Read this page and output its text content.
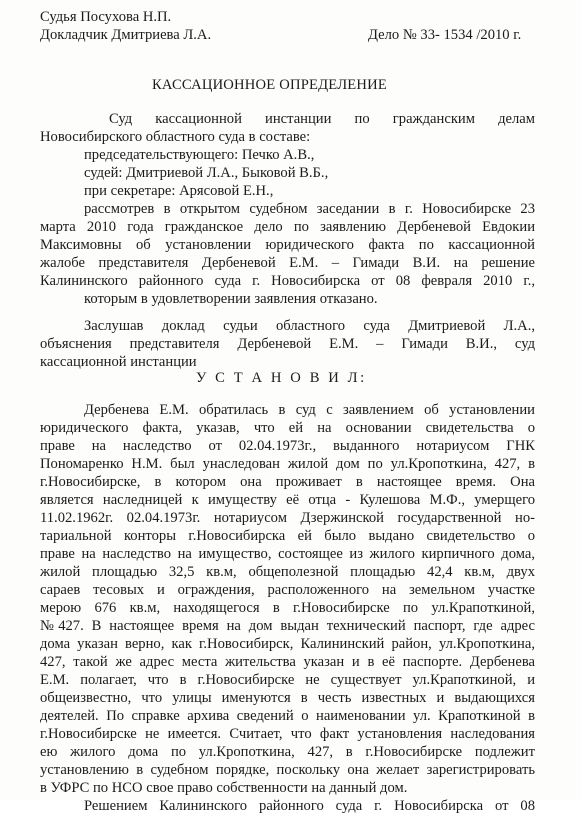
Судья Посухова Н.П.
Докладчик Дмитриева Л.А.	Дело № 33- 1534 /2010 г.
КАССАЦИОННОЕ ОПРЕДЕЛЕНИЕ
Суд кассационной инстанции по гражданским делам
Новосибирского областного суда в составе:
председательствующего: Печко А.В.,
судей: Дмитриевой Л.А., Быковой В.Б.,
при секретаре: Арясовой Е.Н.,
рассмотрев в открытом судебном заседании в г. Новосибирске 23
марта 2010 года гражданское дело по заявлению Дербеневой Евдокии
Максимовны об установлении юридического факта по кассационной
жалобе представителя Дербеневой Е.М. – Гимади В.И. на решение
Калининского районного суда г. Новосибирска от 08 февраля 2010 г.,
которым в удовлетворении заявления отказано.
Заслушав доклад судьи областного суда Дмитриевой Л.А.,
объяснения представителя Дербеневой Е.М. – Гимади В.И., суд
кассационной инстанции
У С Т А Н О В И Л:
Дербенева Е.М. обратилась в суд с заявлением об установлении
юридического факта, указав, что ей на основании свидетельства о
праве на наследство от 02.04.1973г., выданного нотариусом ГНК
Пономаренко Н.М. был унаследован жилой дом по ул.Кропоткина, 427, в
г.Новосибирске, в котором она проживает в настоящее время. Она
является наследницей к имуществу её отца - Кулешова М.Ф., умерщего
11.02.1962г. 02.04.1973г. нотариусом Дзержинской государственной но-
тариальной конторы г.Новосибирска ей было выдано свидетельство о
праве на наследство на имущество, состоящее из жилого кирпичного дома,
жилой площадью 32,5 кв.м, общеполезной площадью 42,4 кв.м, двух
сараев тесовых и ограждения, расположенного на земельном участке
мерою 676 кв.м, находящегося в г.Новосибирске по ул.Крапоткиной,
№427. В настоящее время на дом выдан технический паспорт, где адрес
дома указан верно, как г.Новосибирск, Калининский район, ул.Кропоткина,
427, такой же адрес места жительства указан и в её паспорте. Дербенева
Е.М. полагает, что в г.Новосибирске не существует ул.Крапоткиной, и
общеизвестно, что улицы именуются в честь известных и выдающихся
деятелей. По справке архива сведений о наименовании ул. Крапоткиной в
г.Новосибирске не имеется. Считает, что факт установления наследования
ею жилого дома по ул.Кропоткина, 427, в г.Новосибирске подлежит
установлению в судебном порядке, поскольку она желает зарегистрировать
в УФРС по НСО свое право собственности на данный дом.
Решением Калининского районного суда г. Новосибирска от 08
